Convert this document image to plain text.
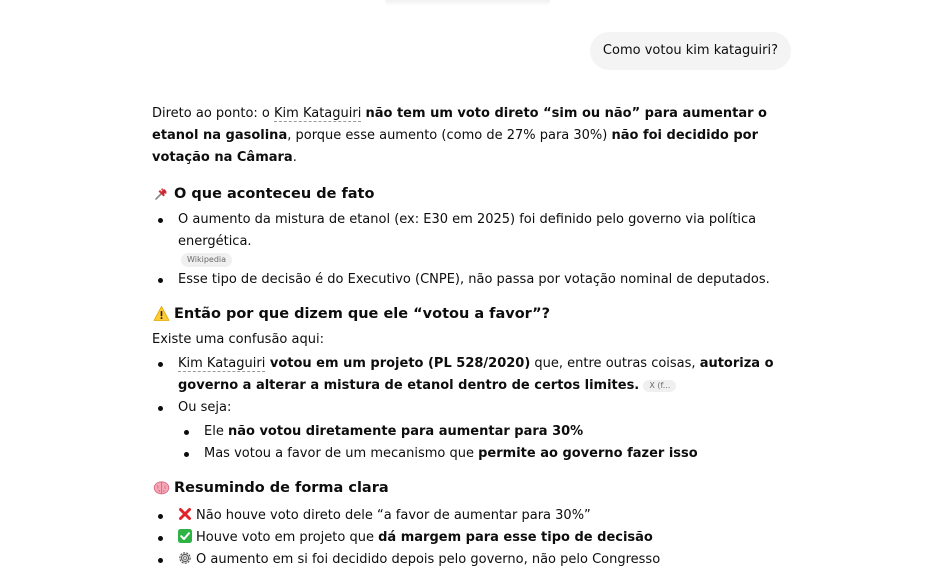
Como votou kim kataguiri?

Direto ao ponto: o Kim Kataguiri não tem um voto direto “sim ou não” para aumentar o etanol na gasolina, porque esse aumento (como de 27% para 30%) não foi decidido por votação na Câmara.

O que aconteceu de fato
O aumento da mistura de etanol (ex: E30 em 2025) foi definido pelo governo via política energética.
Wikipedia
Esse tipo de decisão é do Executivo (CNPE), não passa por votação nominal de deputados.
Então por que dizem que ele “votou a favor”?

Existe uma confusão aqui:

Kim Kataguiri votou em um projeto (PL 528/2020) que, entre outras coisas, autoriza o governo a alterar a mistura de etanol dentro de certos limites. X (f...
Ou seja:
Ele não votou diretamente para aumentar para 30%
Mas votou a favor de um mecanismo que permite ao governo fazer isso
Resumindo de forma clara
Não houve voto direto dele “a favor de aumentar para 30%”
Houve voto em projeto que dá margem para esse tipo de decisão
O aumento em si foi decidido depois pelo governo, não pelo Congresso
